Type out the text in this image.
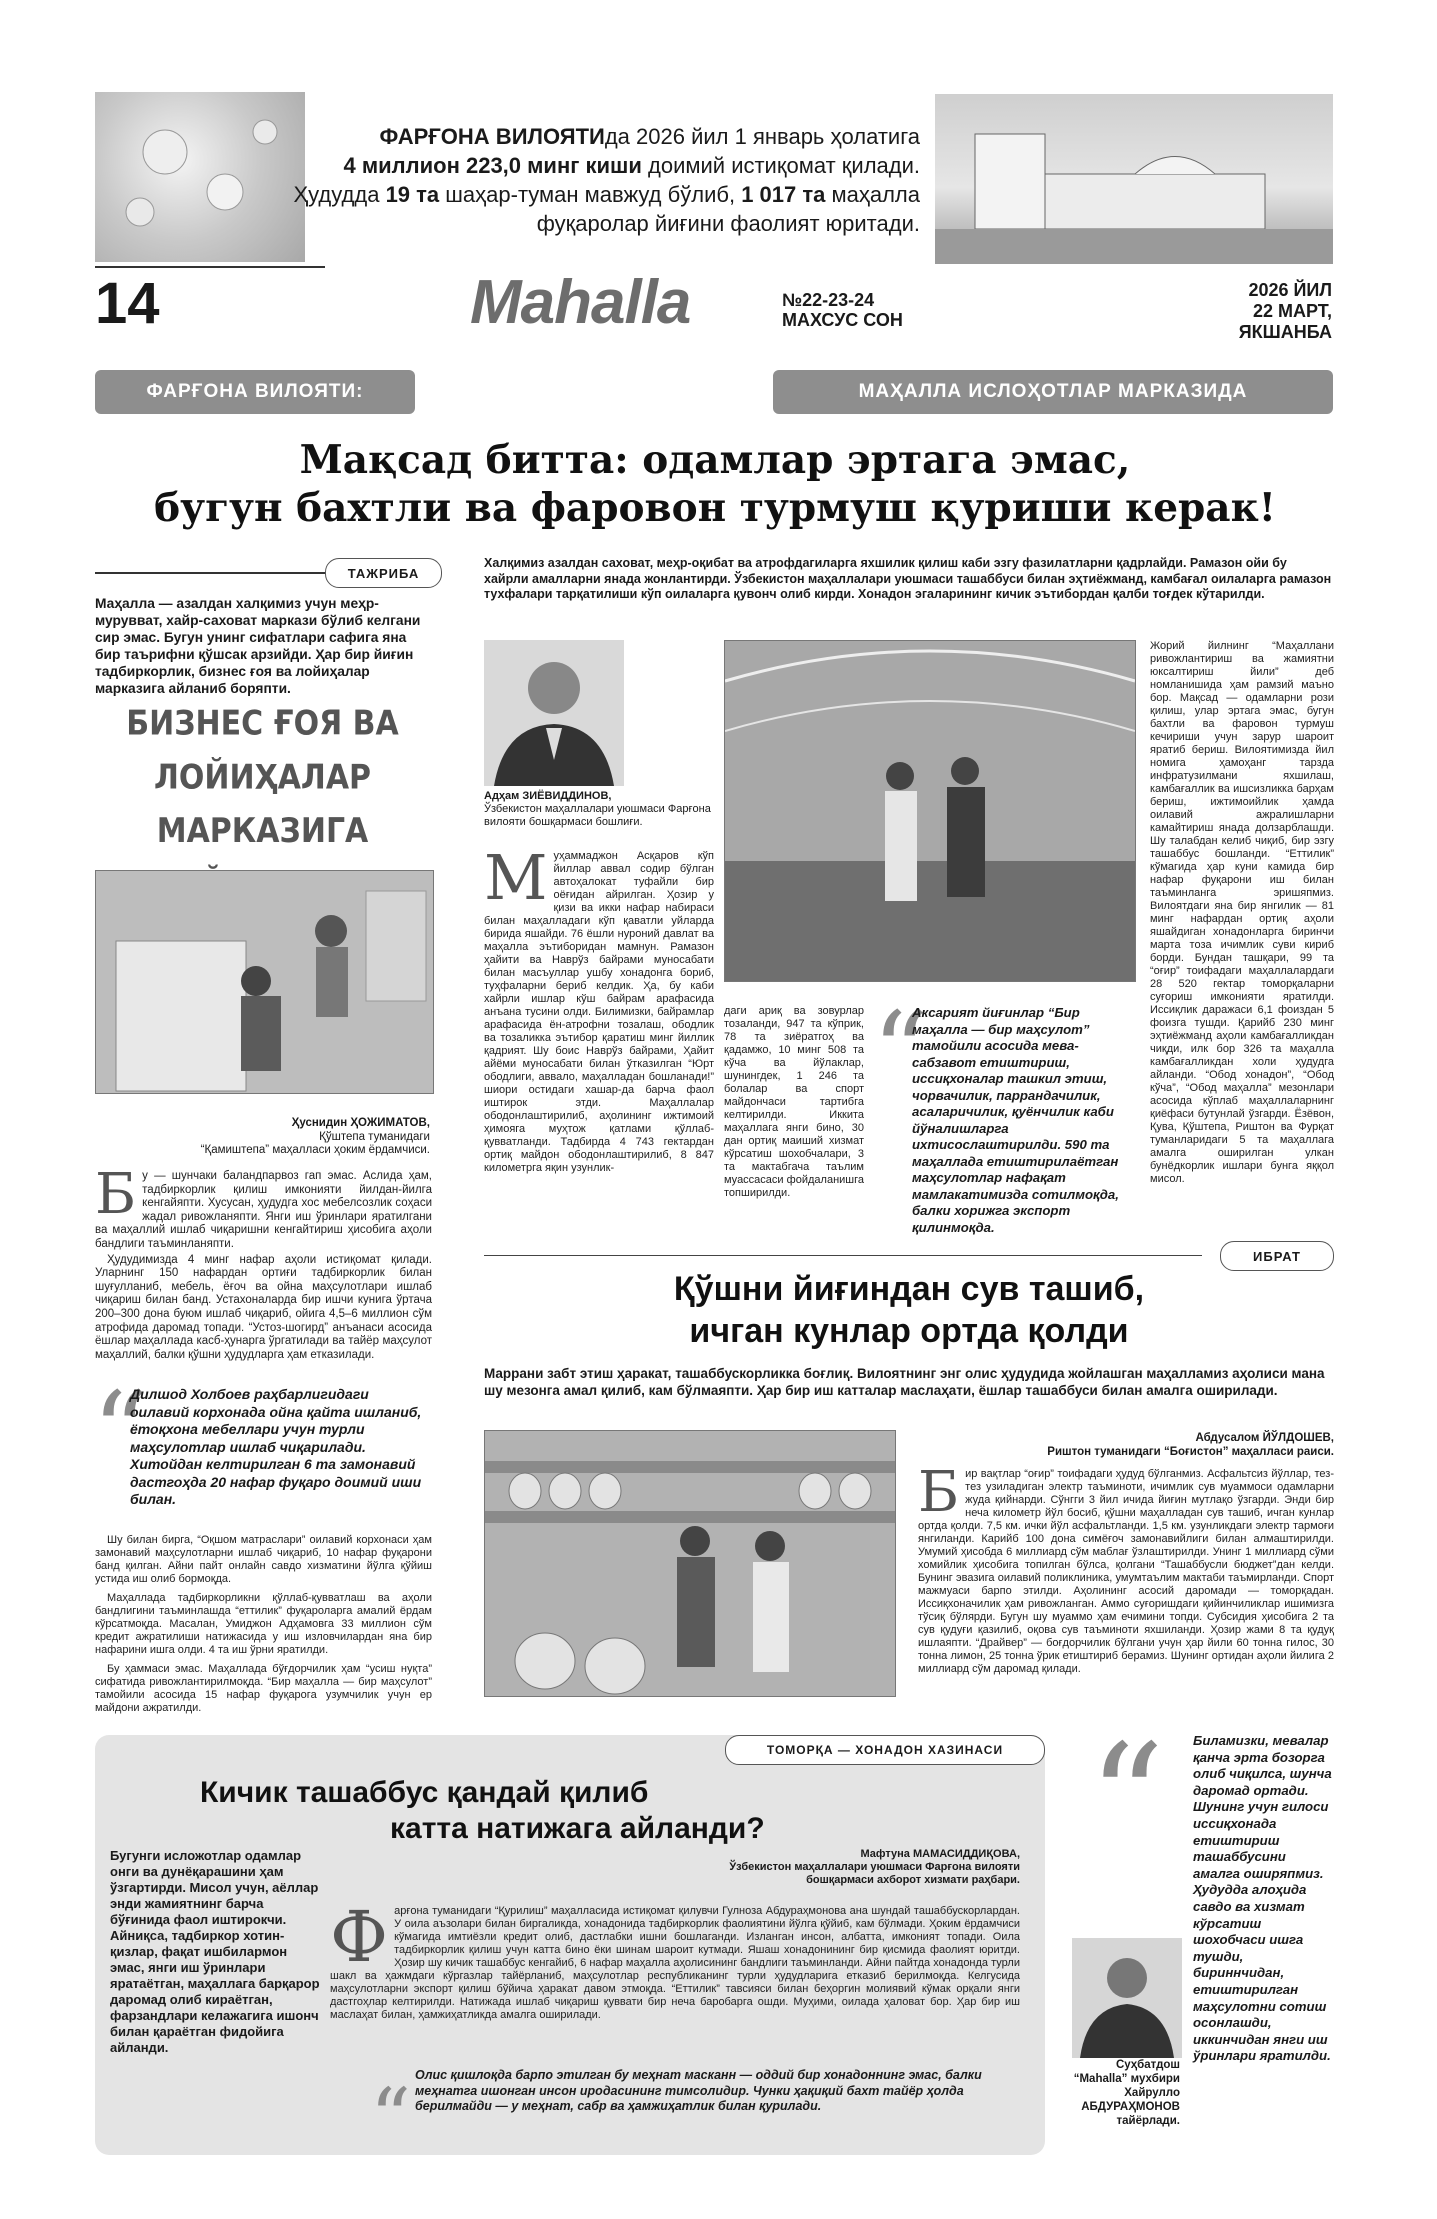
ФАРҒОНА ВИЛОЯТИда 2026 йил 1 январь ҳолатига
4 миллион 223,0 минг киши доимий истиқомат қилади.
Ҳудудда 19 та шаҳар-туман мавжуд бўлиб, 1 017 та маҳалла
фуқаролар йиғини фаолият юритади.
14	Mahalla	№22-23-24
МАХСУС СОН
2026 ЙИЛ
22 МАРТ,
ЯКШАНБА
ФАРҒОНА ВИЛОЯТИ:	МАҲАЛЛА ИСЛОҲОТЛАР МАРКАЗИДА
Мақсад битта: одамлар эртага эмас,
бугун бахтли ва фаровон турмуш қуриши керак!
ТАЖРИБА
Маҳалла — азалдан халқимиз учун меҳр-мурувват, хайр-саховат маркази бўлиб келгани сир эмас. Бугун унинг сифатлари сафига яна бир таърифни қўшсак арзийди. Ҳар бир йиғин тадбиркорлик, бизнес ғоя ва лойиҳалар марказига айланиб боряпти.
БИЗНЕС ҒОЯ ВА
ЛОЙИҲАЛАР МАРКАЗИГА
Ҳуснидин ҲОЖИМАТОВ,
Қўштепа туманидаги
“Қамиштепа” маҳалласи ҳоким ёрдамчиси.
Б у — шунчаки баландпарвоз гап эмас. Аслида ҳам, тадбиркорлик қилиш имконияти йилдан-йилга кенгайяпти. Хусусан, ҳудудга хос мебелсозлик соҳаси жадал ривожланяпти. Янги иш ўринлари яратилгани ва маҳаллий ишлаб чиқаришни кенгайтириш ҳисобига аҳоли бандлиги таъминланяпти.

Ҳудудимизда 4 минг нафар аҳоли истиқомат қилади. Уларнинг 150 нафардан ортиғи тадбиркорлик билан шуғулланиб, мебель, ёғоч ва ойна маҳсулотлари ишлаб чиқариш билан банд. Устахоналарда бир ишчи кунига ўртача 200–300 дона буюм ишлаб чиқариб, ойига 4,5–6 миллион сўм атрофида даромад топади. “Устоз-шогирд” анъанаси асосида ёшлар маҳаллада касб-ҳунарга ўргатилади ва тайёр маҳсулот маҳаллий, балки қўшни ҳудудларга ҳам етказилади.

“
Дилшод Холбоев раҳбарлигидаги оилавий корхонада ойна қайта ишланиб, ётоқхона мебеллари учун турли маҳсулотлар ишлаб чиқарилади. Хитойдан келтирилган 6 та замонавий дастгоҳда 20 нафар фуқаро доимий иши билан.

Шу билан бирга, “Оқшом матраслари” оилавий корхонаси ҳам замонавий маҳсулотларни ишлаб чиқариб, 10 нафар фуқарони банд қилган. Айни пайт онлайн савдо хизматини йўлга қўйиш устида иш олиб бормоқда.

Маҳаллада тадбиркорликни қўллаб-қувватлаш ва аҳоли бандлигини таъминлашда “еттилик” фуқароларга амалий ёрдам кўрсатмоқда. Масалан, Умиджон Адҳамовга 33 миллион сўм кредит ажратилиши натижасида у иш изловчилардан яна бир нафарини ишга олди. 4 та иш ўрни яратилди.

Бу ҳаммаси эмас. Маҳаллада бўғдорчилик ҳам “усиш нуқта” сифатида ривожлантирилмоқда. “Бир маҳалла — бир маҳсулот” тамойили асосида 15 нафар фуқарога узумчилик учун ер майдони ажратилди.

Халқимиз азалдан саховат, меҳр-оқибат ва атрофдагиларга яхшилик қилиш каби эзгу фазилатларни қадрлайди. Рамазон ойи бу хайрли амалларни янада жонлантирди. Ўзбекистон маҳаллалари уюшмаси ташаббуси билан эҳтиёжманд, камбағал оилаларга рамазон тухфалари тарқатилиши кўп оилаларга қувонч олиб кирди. Хонадон эгаларининг кичик эътибордан қалби тоғдек кўтарилди.
Адҳам ЗИЁВИДДИНОВ,
Ўзбекистон маҳаллалари уюшмаси Фарғона вилояти бошқармаси бошлиғи.
М уҳаммаджон Асқаров кўп йиллар аввал содир бўлган автоҳалокат туфайли бир оёғидан айрилган. Ҳозир у қизи ва икки нафар набираси билан маҳалладаги кўп қаватли уйларда бирида яшайди. 76 ёшли нуроний давлат ва маҳалла эътиборидан мамнун. Рамазон ҳайити ва Наврўз байрами муносабати билан масъуллар ушбу хонадонга бориб, туҳфаларни бериб келдик. Ҳа, бу каби хайрли ишлар кўш байрам арафасида анъана тусини олди. Билимизки, байрамлар арафасида ён-атрофни тозалаш, ободлик ва тозаликка эътибор қаратиш минг йиллик қадрият. Шу боис Наврўз байрами, Ҳайит айёми муносабати билан ўтказилган “Юрт ободлиги, аввало, маҳалладан бошланади!” шиори остидаги хашар-да барча фаол иштирок этди. Маҳаллалар ободонлаштирилиб, аҳолининг ижтимоий ҳимояга муҳтож қатлами қўллаб-қувватланди. Тадбирда 4 743 гектардан ортиқ майдон ободонлаштирилиб, 8 847 километрга яқин узунлик-
даги ариқ ва зовурлар тозаланди, 947 та кўприк, 78 та зиёратгоҳ ва қадамжо, 10 минг 508 та кўча ва йўлаклар, шунингдек, 1 246 та болалар ва спорт майдончаси тартибга келтирилди. Иккита маҳаллага янги бино, 30 дан ортиқ маиший хизмат кўрсатиш шохобчалари, 3 та мактабгача таълим муассасаси фойдаланишга топширилди.
“
Аксарият йиғинлар “Бир маҳалла — бир маҳсулот” тамойили асосида мева-сабзавот етиштириш, иссиқхоналар ташкил этиш, чорвачилик, паррандачилик, асаларичилик, қуёнчилик каби йўналишларга ихтисослаштирилди. 590 та маҳаллада етиштирилаётган маҳсулотлар нафақат мамлакатимизда сотилмоқда, балки хорижга экспорт қилинмоқда.
Жорий йилнинг “Маҳаллани ривожлантириш ва жамиятни юксалтириш йили” деб номланишида ҳам рамзий маъно бор. Мақсад — одамларни рози қилиш, улар эртага эмас, бугун бахтли ва фаровон турмуш кечириши учун зарур шароит яратиб бериш. Вилоятимизда йил номига ҳамоҳанг тарзда инфратузилмани яхшилаш, камбағаллик ва ишсизликка барҳам бериш, ижтимоийлик ҳамда оилавий ажралишларни камайтириш янада долзарблашди. Шу талабдан келиб чиқиб, бир эзгу ташаббус бошланди. “Еттилик” кўмагида ҳар куни камида бир нафар фуқарони иш билан таъминланга эришяпмиз. Вилоятдаги яна бир янгилик — 81 минг нафардан ортиқ аҳоли яшайдиган хонадонларга биринчи марта тоза ичимлик суви кириб борди. Бундан ташқари, 99 та “оғир” тоифадаги маҳаллалардаги 28 520 гектар томорқаларни суғориш имконияти яратилди. Иссиқлик даражаси 6,1 фоиздан 5 фоизга тушди. Қарийб 230 минг эҳтиёжманд аҳоли камбағалликдан чиқди, илк бор 326 та маҳалла камбағалликдан холи ҳудудга айланди. “Обод хонадон”, “Обод кўча”, “Обод маҳалла” мезонлари асосида кўплаб маҳаллаларнинг қиёфаси бутунлай ўзгарди. Ёзёвон, Қува, Қўштепа, Риштон ва Фурқат туманларидаги 5 та маҳаллага амалга оширилган улкан бунёдкорлик ишлари бунга яққол мисол.
ИБРАТ
Қўшни йиғиндан сув ташиб,
ичган кунлар ортда қолди
Маррани забт этиш ҳаракат, ташаббускорликка боғлиқ. Вилоятнинг энг олис ҳудудида жойлашган маҳалламиз аҳолиси мана шу мезонга амал қилиб, кам бўлмаяпти. Ҳар бир иш катталар маслаҳати, ёшлар ташаббуси билан амалга оширилади.
Абдусалом ЙЎЛДОШЕВ,
Риштон туманидаги “Боғистон” маҳалласи раиси.
Б ир вақтлар “оғир” тоифадаги ҳудуд бўлганмиз. Асфальтсиз йўллар, тез-тез узиладиган электр таъминоти, ичимлик сув муаммоси одамларни жуда қийнарди. Сўнгги 3 йил ичида йиғин мутлақо ўзгарди. Энди бир неча километр йўл босиб, қўшни маҳалладан сув ташиб, ичган кунлар ортда қолди. 7,5 км. ички йўл асфальтланди. 1,5 км. узунликдаги электр тармоғи янгиланди. Карийб 100 дона симёғоч замонавийлиги билан алмаштирилди. Умумий ҳисобда 6 миллиард сўм маблағ ўзлаштирилди. Унинг 1 миллиард сўми хомийлик ҳисобига топилган бўлса, қолгани “Ташаббусли бюджет”дан келди. Бунинг эвазига оилавий поликлиника, умумтаълим мактаби таъмирланди. Спорт мажмуаси барпо этилди. Аҳолининг асосий даромади — томорқадан. Иссиқхоначилик ҳам ривожланган. Аммо суғоришдаги қийинчиликлар ишимизга тўсиқ бўлярди. Бугун шу муаммо ҳам ечимини топди. Субсидия ҳисобига 2 та сув қудуғи қазилиб, оқова сув таъминоти яхшиланди. Ҳозир жами 8 та қудуқ ишлаяпти. “Драйвер” — боғдорчилик бўлгани учун ҳар йили 60 тонна гилос, 30 тонна лимон, 25 тонна ўрик етиштириб берамиз. Шунинг ортидан аҳоли йилига 2 миллиард сўм даромад қилади.
ТОМОРҚА — ХОНАДОН ХАЗИНАСИ
Кичик ташаббус қандай қилиб
катта натижага айланди?
Бугунги исложотлар одамлар онги ва дунёқарашини ҳам ўзгартирди. Мисол учун, аёллар энди жамиятнинг барча бўғинида фаол иштирокчи. Айниқса, тадбиркор хотин-қизлар, фақат ишбилармон эмас, янги иш ўринлари яратаётган, маҳаллага барқарор даромад олиб кираётган, фарзандлари келажагига ишонч билан қараётган фидойига айланди.
Мафтуна МАМАСИДДИҚОВА,
Ўзбекистон маҳаллалари уюшмаси Фарғона вилояти
бошқармаси ахборот хизмати раҳбари.
Ф арғона туманидаги “Қурилиш” маҳалласида истиқомат қилувчи Гулноза Абдураҳмонова ана шундай ташаббускорлардан. У оила аъзолари билан биргаликда, хонадонида тадбиркорлик фаолиятини йўлга қўйиб, кам бўлмади. Ҳоким ёрдамчиси кўмагида имтиёзли кредит олиб, дастлабки ишни бошлаганди. Изланган инсон, албатта, имконият топади. Оила тадбиркорлик қилиш учун катта бино ёки шинам шароит кутмади. Яшаш хонадонининг бир қисмида фаолият юритди. Ҳозир шу кичик ташаббус кенгайиб, 6 нафар маҳалла аҳолисининг бандлиги таъминланди. Айни пайтда хонадонда турли шакл ва ҳажмдаги кўргазлар тайёрланиб, маҳсулотлар республиканинг турли ҳудудларига етказиб берилмоқда. Келгусида маҳсулотларни экспорт қилиш бўйича ҳаракат давом этмоқда. “Еттилик” тавсияси билан беҳоргин молиявий кўмак орқали янги дастгоҳлар келтирилди. Натижада ишлаб чиқариш қуввати бир неча баробарга ошди. Муҳими, оилада ҳаловат бор. Ҳар бир иш маслаҳат билан, ҳамжиҳатликда амалга оширилади.
“ Олис қишлоқда барпо этилган бу меҳнат масканн — оддий бир хонадоннинг эмас, балки меҳнатга ишонган инсон иродасининг тимсолидир. Чунки ҳақиқий бахт тайёр ҳолда берилмайди — у меҳнат, сабр ва ҳамжиҳатлик билан қурилади.
“ Биламизки, мевалар қанча эрта бозорга олиб чиқилса, шунча даромад ортади. Шунинг учун гилоси иссиқхонада етиштириш ташаббусини амалга оширяпмиз. Ҳудудда алоҳида савдо ва хизмат кўрсатиш шохобчаси ишга тушди, бириннчидан, етиштирилган маҳсулотни сотиш осонлашди, иккинчидан янги иш ўринлари яратилди.
Суҳбатдош
“Mahalla” мухбири
Хайрулло
АБДУРАҲМОНОВ
тайёрлади.
